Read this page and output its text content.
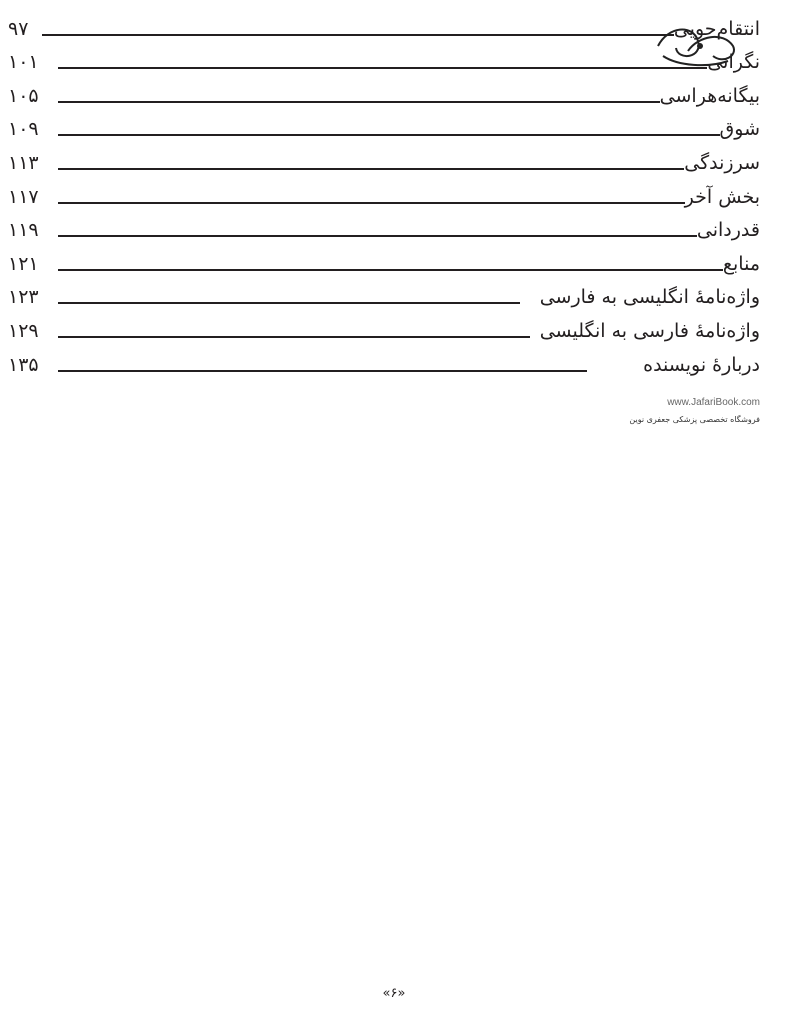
۹۷	انتقام‌جویی
۱۰۱	نگرانی
۱۰۵	بیگانه‌هراسی
۱۰۹	شوق
۱۱۳	سرزندگی
۱۱۷	بخش آخر
۱۱۹	قدردانی
۱۲۱	منابع
۱۲۳	واژه‌نامهٔ انگلیسی به فارسی
۱۲۹	واژه‌نامهٔ فارسی به انگلیسی
۱۳۵	دربارهٔ نویسنده
www.JafariBook.com
فروشگاه تخصصی پزشکی جعفری نوین
«۶»
